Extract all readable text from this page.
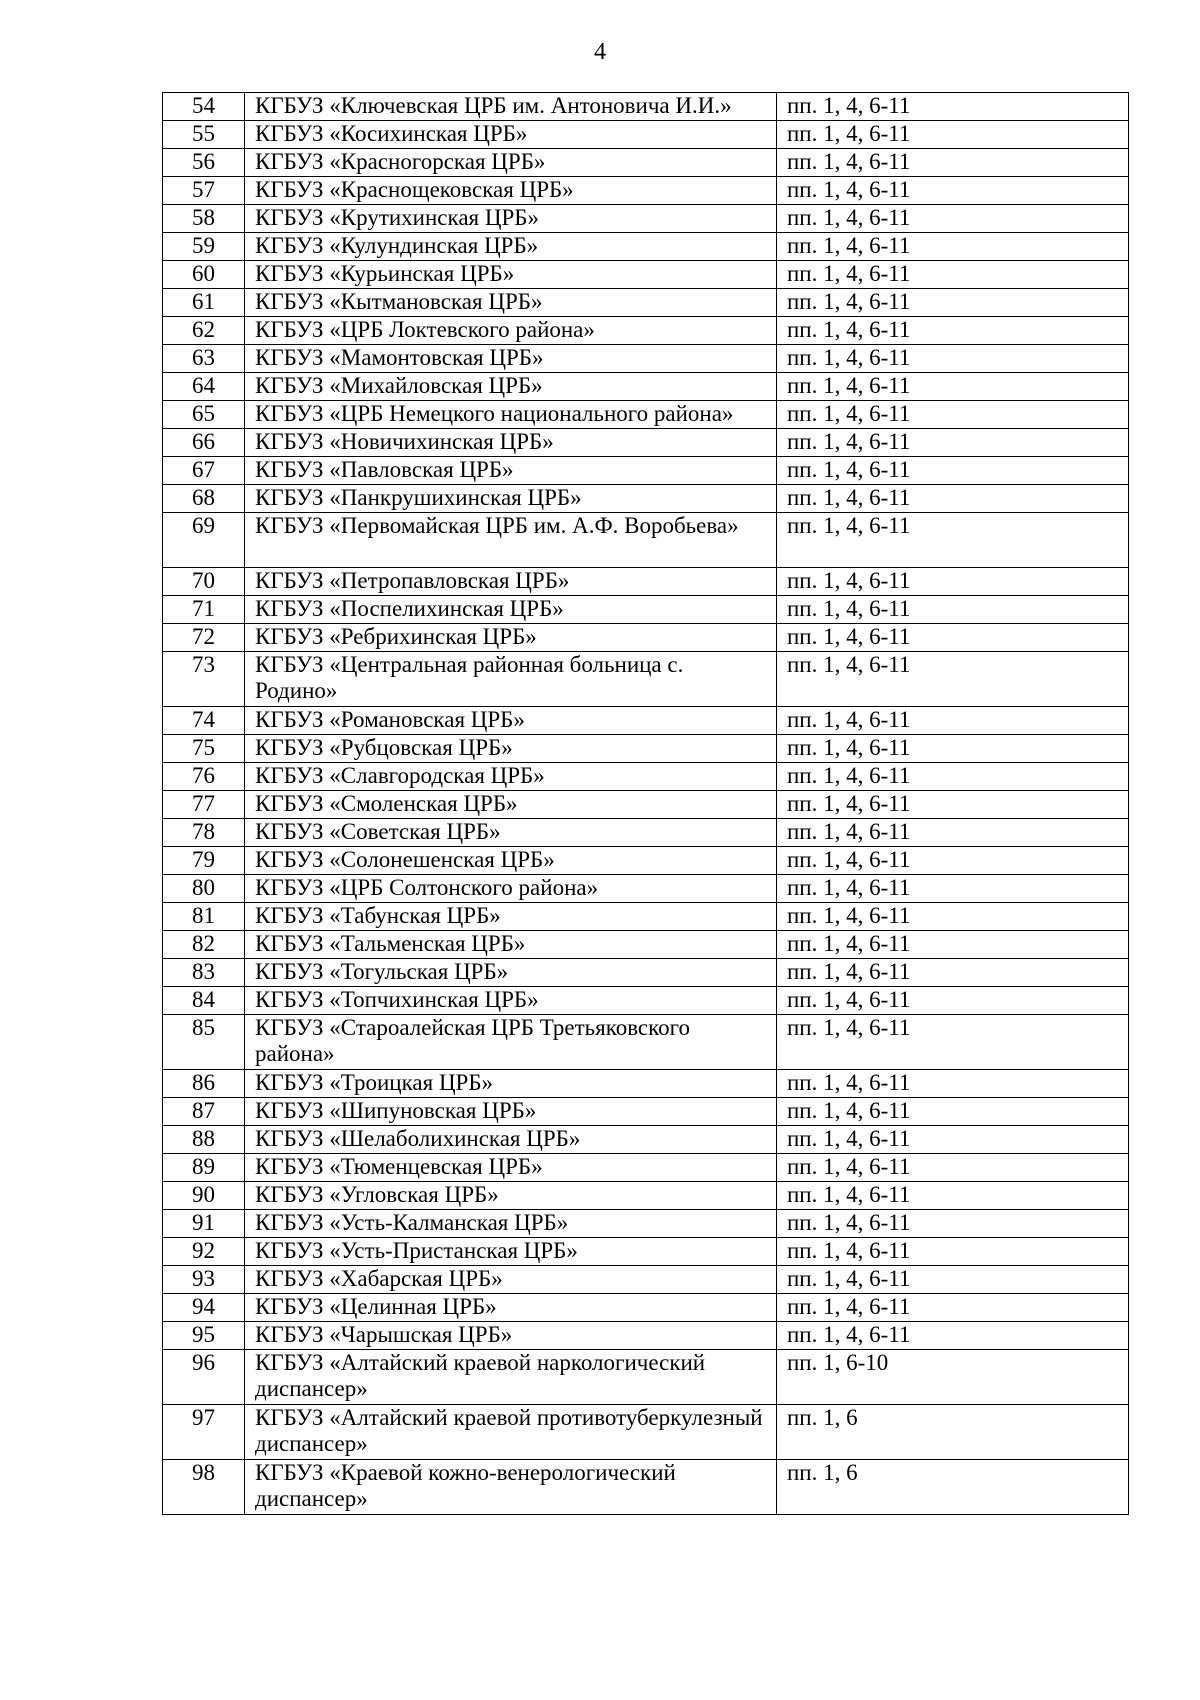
4
54	КГБУЗ «Ключевская ЦРБ им. Антоновича И.И.»	пп. 1, 4, 6-11
55	КГБУЗ «Косихинская ЦРБ»	пп. 1, 4, 6-11
56	КГБУЗ «Красногорская ЦРБ»	пп. 1, 4, 6-11
57	КГБУЗ «Краснощековская ЦРБ»	пп. 1, 4, 6-11
58	КГБУЗ «Крутихинская ЦРБ»	пп. 1, 4, 6-11
59	КГБУЗ «Кулундинская ЦРБ»	пп. 1, 4, 6-11
60	КГБУЗ «Курьинская ЦРБ»	пп. 1, 4, 6-11
61	КГБУЗ «Кытмановская ЦРБ»	пп. 1, 4, 6-11
62	КГБУЗ «ЦРБ Локтевского района»	пп. 1, 4, 6-11
63	КГБУЗ «Мамонтовская ЦРБ»	пп. 1, 4, 6-11
64	КГБУЗ «Михайловская ЦРБ»	пп. 1, 4, 6-11
65	КГБУЗ «ЦРБ Немецкого национального района»	пп. 1, 4, 6-11
66	КГБУЗ «Новичихинская ЦРБ»	пп. 1, 4, 6-11
67	КГБУЗ «Павловская ЦРБ»	пп. 1, 4, 6-11
68	КГБУЗ «Панкрушихинская ЦРБ»	пп. 1, 4, 6-11
69	КГБУЗ «Первомайская ЦРБ им. А.Ф. Воробьева»	пп. 1, 4, 6-11
70	КГБУЗ «Петропавловская ЦРБ»	пп. 1, 4, 6-11
71	КГБУЗ «Поспелихинская ЦРБ»	пп. 1, 4, 6-11
72	КГБУЗ «Ребрихинская ЦРБ»	пп. 1, 4, 6-11
73	КГБУЗ «Центральная районная больница с. Родино»	пп. 1, 4, 6-11
74	КГБУЗ «Романовская ЦРБ»	пп. 1, 4, 6-11
75	КГБУЗ «Рубцовская ЦРБ»	пп. 1, 4, 6-11
76	КГБУЗ «Славгородская ЦРБ»	пп. 1, 4, 6-11
77	КГБУЗ «Смоленская ЦРБ»	пп. 1, 4, 6-11
78	КГБУЗ «Советская ЦРБ»	пп. 1, 4, 6-11
79	КГБУЗ «Солонешенская ЦРБ»	пп. 1, 4, 6-11
80	КГБУЗ «ЦРБ Солтонского района»	пп. 1, 4, 6-11
81	КГБУЗ «Табунская ЦРБ»	пп. 1, 4, 6-11
82	КГБУЗ «Тальменская ЦРБ»	пп. 1, 4, 6-11
83	КГБУЗ «Тогульская ЦРБ»	пп. 1, 4, 6-11
84	КГБУЗ «Топчихинская ЦРБ»	пп. 1, 4, 6-11
85	КГБУЗ «Староалейская ЦРБ Третьяковского района»	пп. 1, 4, 6-11
86	КГБУЗ «Троицкая ЦРБ»	пп. 1, 4, 6-11
87	КГБУЗ «Шипуновская ЦРБ»	пп. 1, 4, 6-11
88	КГБУЗ «Шелаболихинская ЦРБ»	пп. 1, 4, 6-11
89	КГБУЗ «Тюменцевская ЦРБ»	пп. 1, 4, 6-11
90	КГБУЗ «Угловская ЦРБ»	пп. 1, 4, 6-11
91	КГБУЗ «Усть-Калманская ЦРБ»	пп. 1, 4, 6-11
92	КГБУЗ «Усть-Пристанская ЦРБ»	пп. 1, 4, 6-11
93	КГБУЗ «Хабарская ЦРБ»	пп. 1, 4, 6-11
94	КГБУЗ «Целинная ЦРБ»	пп. 1, 4, 6-11
95	КГБУЗ «Чарышская ЦРБ»	пп. 1, 4, 6-11
96	КГБУЗ «Алтайский краевой наркологический диспансер»	пп. 1, 6-10
97	КГБУЗ «Алтайский краевой противотуберкулезный диспансер»	пп. 1, 6
98	КГБУЗ «Краевой кожно-венерологический диспансер»	пп. 1, 6
